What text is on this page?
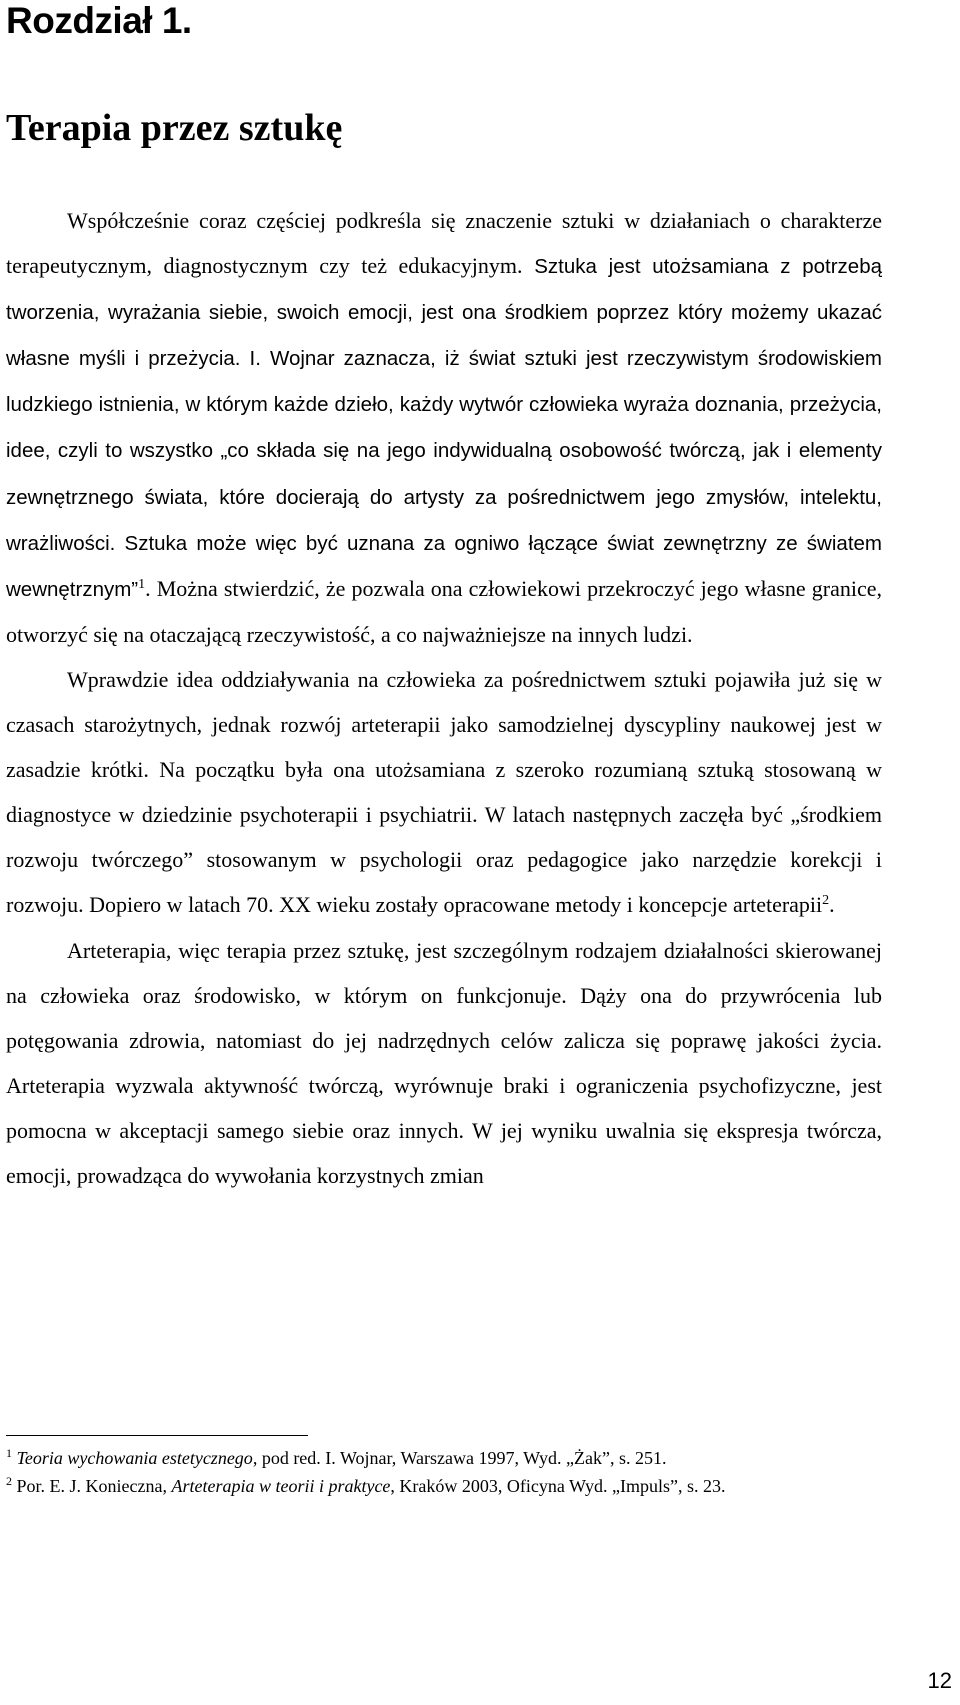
Rozdział 1.
Terapia przez sztukę

Współcześnie coraz częściej podkreśla się znaczenie sztuki w działaniach o charakterze terapeutycznym, diagnostycznym czy też edukacyjnym. Sztuka jest utożsamiana z potrzebą tworzenia, wyrażania siebie, swoich emocji, jest ona środkiem poprzez który możemy ukazać własne myśli i przeżycia. I. Wojnar zaznacza, iż świat sztuki jest rzeczywistym środowiskiem ludzkiego istnienia, w którym każde dzieło, każdy wytwór człowieka wyraża doznania, przeżycia, idee, czyli to wszystko „co składa się na jego indywidualną osobowość twórczą, jak i elementy zewnętrznego świata, które docierają do artysty za pośrednictwem jego zmysłów, intelektu, wrażliwości. Sztuka może więc być uznana za ogniwo łączące świat zewnętrzny ze światem wewnętrznym”$^1$. Można stwierdzić, że pozwala ona człowiekowi przekroczyć jego własne granice, otworzyć się na otaczającą rzeczywistość, a co najważniejsze na innych ludzi.

Wprawdzie idea oddziaływania na człowieka za pośrednictwem sztuki pojawiła już się w czasach starożytnych, jednak rozwój arteterapii jako samodzielnej dyscypliny naukowej jest w zasadzie krótki. Na początku była ona utożsamiana z szeroko rozumianą sztuką stosowaną w diagnostyce w dziedzinie psychoterapii i psychiatrii. W latach następnych zaczęła być „środkiem rozwoju twórczego” stosowanym w psychologii oraz pedagogice jako narzędzie korekcji i rozwoju. Dopiero w latach 70. XX wieku zostały opracowane metody i koncepcje arteterapii$^2$.

Arteterapia, więc terapia przez sztukę, jest szczególnym rodzajem działalności skierowanej na człowieka oraz środowisko, w którym on funkcjonuje. Dąży ona do przywrócenia lub potęgowania zdrowia, natomiast do jej nadrzędnych celów zalicza się poprawę jakości życia. Arteterapia wyzwala aktywność twórczą, wyrównuje braki i ograniczenia psychofizyczne, jest pomocna w akceptacji samego siebie oraz innych. W jej wyniku uwalnia się ekspresja twórcza, emocji, prowadząca do wywołania korzystnych zmian

$^1$ Teoria wychowania estetycznego, pod red. I. Wojnar, Warszawa 1997, Wyd. „Żak”, s. 251.

$^2$ Por. E. J. Konieczna, Arteterapia w teorii i praktyce, Kraków 2003, Oficyna Wyd. „Impuls”, s. 23.

12
